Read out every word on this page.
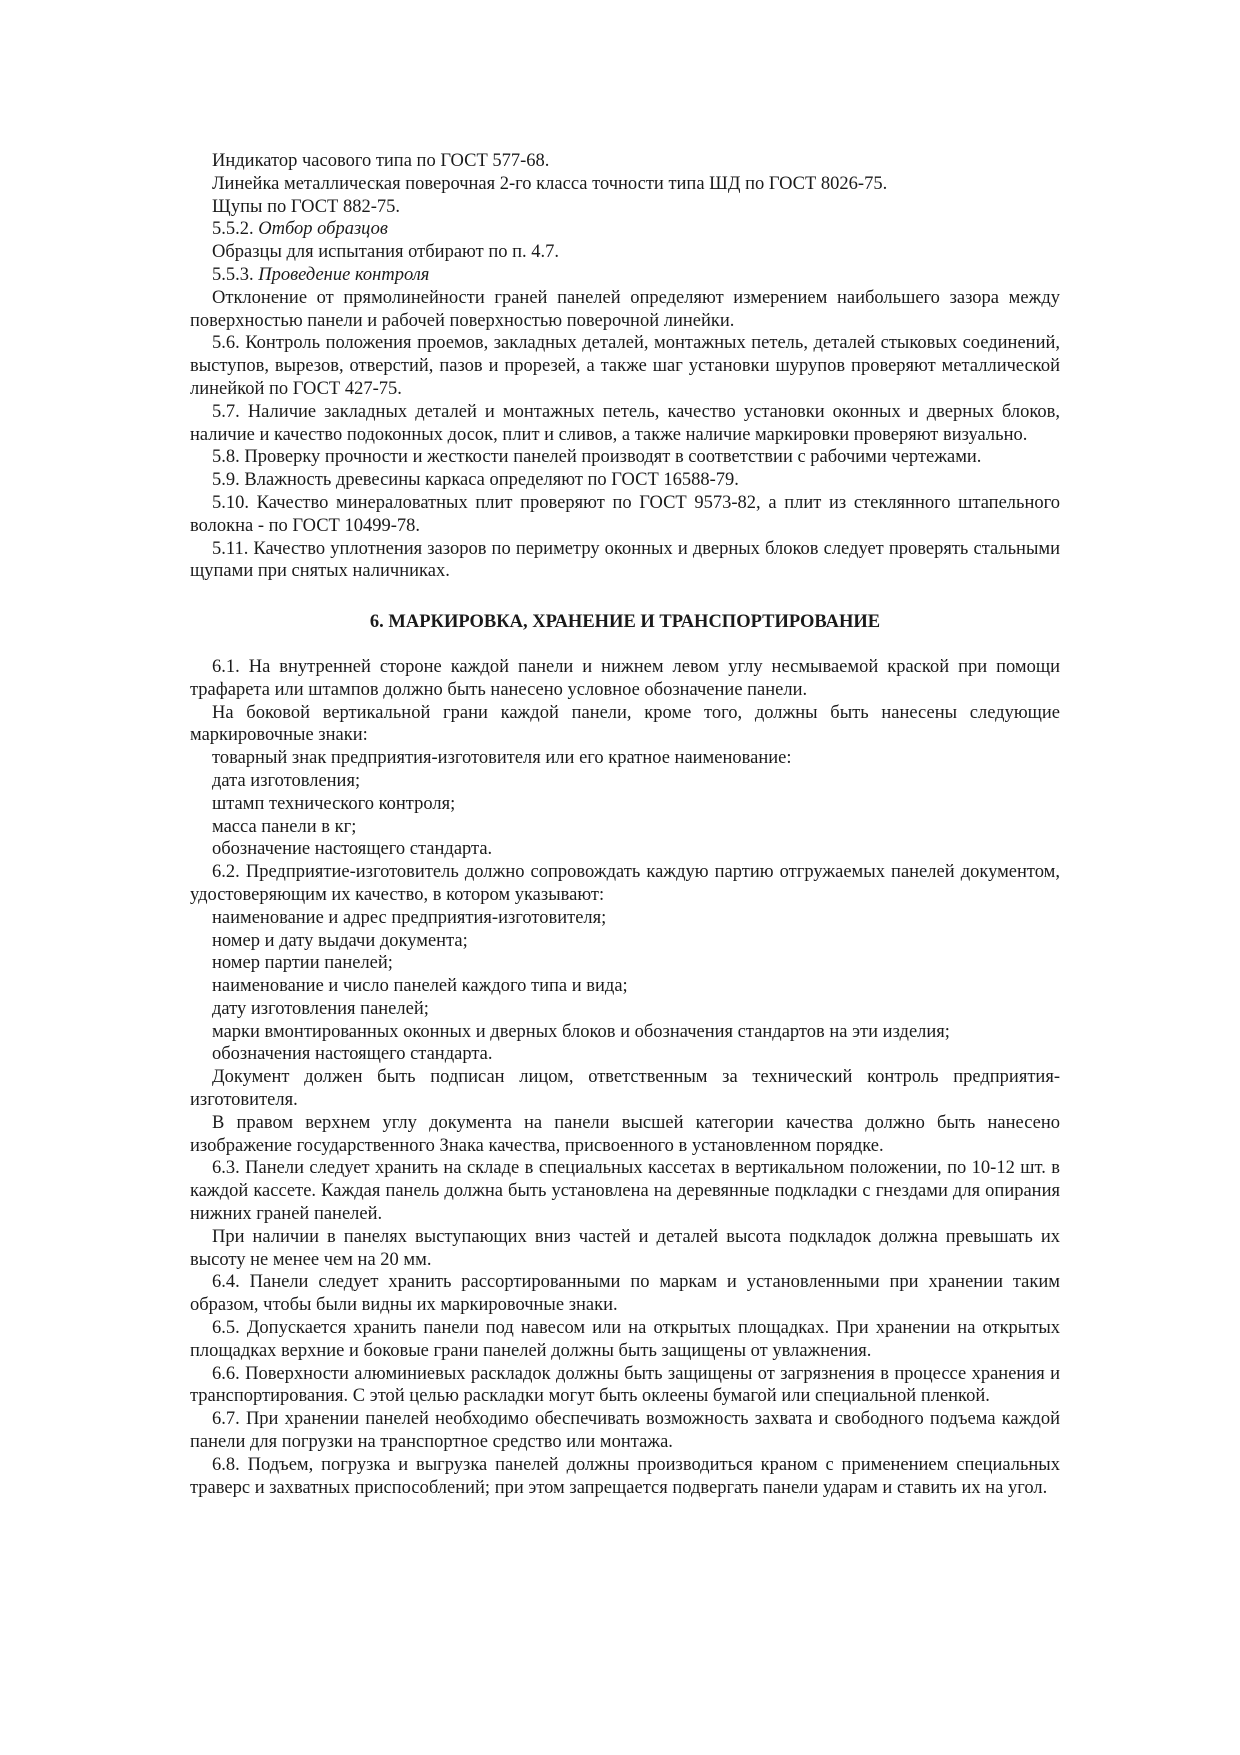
Индикатор часового типа по ГОСТ 577-68.

Линейка металлическая поверочная 2-го класса точности типа ШД по ГОСТ 8026-75.

Щупы по ГОСТ 882-75.

5.5.2. Отбор образцов

Образцы для испытания отбирают по п. 4.7.

5.5.3. Проведение контроля

Отклонение от прямолинейности граней панелей определяют измерением наибольшего зазора между поверхностью панели и рабочей поверхностью поверочной линейки.

5.6. Контроль положения проемов, закладных деталей, монтажных петель, деталей стыковых соединений, выступов, вырезов, отверстий, пазов и прорезей, а также шаг установки шурупов проверяют металлической линейкой по ГОСТ 427-75.

5.7. Наличие закладных деталей и монтажных петель, качество установки оконных и дверных блоков, наличие и качество подоконных досок, плит и сливов, а также наличие маркировки проверяют визуально.

5.8. Проверку прочности и жесткости панелей производят в соответствии с рабочими чертежами.

5.9. Влажность древесины каркаса определяют по ГОСТ 16588-79.

5.10. Качество минераловатных плит проверяют по ГОСТ 9573-82, а плит из стеклянного штапельного волокна - по ГОСТ 10499-78.

5.11. Качество уплотнения зазоров по периметру оконных и дверных блоков следует проверять стальными щупами при снятых наличниках.

6. МАРКИРОВКА, ХРАНЕНИЕ И ТРАНСПОРТИРОВАНИЕ

6.1. На внутренней стороне каждой панели и нижнем левом углу несмываемой краской при помощи трафарета или штампов должно быть нанесено условное обозначение панели.

На боковой вертикальной грани каждой панели, кроме того, должны быть нанесены следующие маркировочные знаки:

товарный знак предприятия-изготовителя или его кратное наименование:

дата изготовления;

штамп технического контроля;

масса панели в кг;

обозначение настоящего стандарта.

6.2. Предприятие-изготовитель должно сопровождать каждую партию отгружаемых панелей документом, удостоверяющим их качество, в котором указывают:

наименование и адрес предприятия-изготовителя;

номер и дату выдачи документа;

номер партии панелей;

наименование и число панелей каждого типа и вида;

дату изготовления панелей;

марки вмонтированных оконных и дверных блоков и обозначения стандартов на эти изделия;

обозначения настоящего стандарта.

Документ должен быть подписан лицом, ответственным за технический контроль предприятия-изготовителя.

В правом верхнем углу документа на панели высшей категории качества должно быть нанесено изображение государственного Знака качества, присвоенного в установленном порядке.

6.3. Панели следует хранить на складе в специальных кассетах в вертикальном положении, по 10-12 шт. в каждой кассете. Каждая панель должна быть установлена на деревянные подкладки с гнездами для опирания нижних граней панелей.

При наличии в панелях выступающих вниз частей и деталей высота подкладок должна превышать их высоту не менее чем на 20 мм.

6.4. Панели следует хранить рассортированными по маркам и установленными при хранении таким образом, чтобы были видны их маркировочные знаки.

6.5. Допускается хранить панели под навесом или на открытых площадках. При хранении на открытых площадках верхние и боковые грани панелей должны быть защищены от увлажнения.

6.6. Поверхности алюминиевых раскладок должны быть защищены от загрязнения в процессе хранения и транспортирования. С этой целью раскладки могут быть оклеены бумагой или специальной пленкой.

6.7. При хранении панелей необходимо обеспечивать возможность захвата и свободного подъема каждой панели для погрузки на транспортное средство или монтажа.

6.8. Подъем, погрузка и выгрузка панелей должны производиться краном с применением специальных траверс и захватных приспособлений; при этом запрещается подвергать панели ударам и ставить их на угол.
